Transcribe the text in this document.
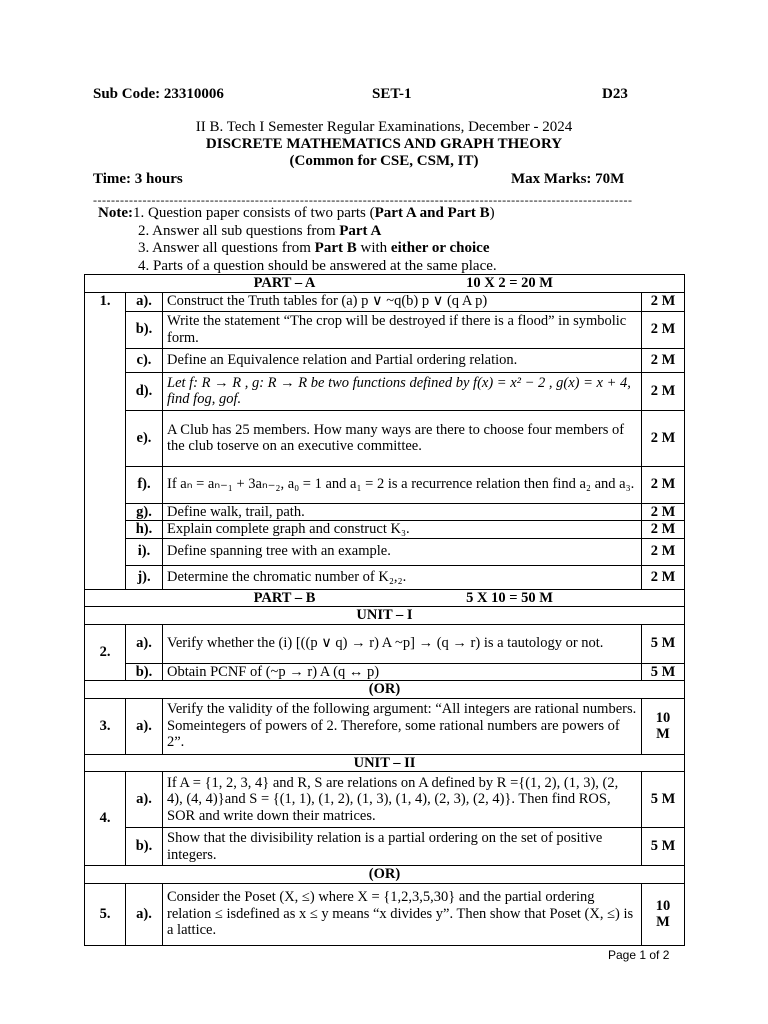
Sub Code: 23310006	SET-1	D23
II B. Tech I Semester Regular Examinations, December - 2024
DISCRETE MATHEMATICS AND GRAPH THEORY
(Common for CSE, CSM, IT)
Time: 3 hours	Max Marks: 70M
------------------------------------------------------------------------------------------------------------------------
Note:1. Question paper consists of two parts (Part A and Part B)
2. Answer all sub questions from Part A
3. Answer all questions from Part B with either or choice
4. Parts of a question should be answered at the same place.
PART – A 10 X 2 = 20 M			
1.	a).	Construct the Truth tables for (a) p ∨ ~q(b) p ∨ (q A p)	2 M
	b).	Write the statement “The crop will be destroyed if there is a flood” in symbolic form.	2 M
	c).	Define an Equivalence relation and Partial ordering relation.	2 M
	d).	Let f: R → R , g: R → R be two functions defined by f(x) = x² − 2 , g(x) = x + 4, find fog, gof.	2 M
	e).	A Club has 25 members. How many ways are there to choose four members of the club toserve on an executive committee.	2 M
	f).	If aₙ = aₙ₋₁ + 3aₙ₋₂, a₀ = 1 and a₁ = 2 is a recurrence relation then find a₂ and a₃.	2 M
	g).	Define walk, trail, path.	2 M
	h).	Explain complete graph and construct K₃.	2 M
	i).	Define spanning tree with an example.	2 M
	j).	Determine the chromatic number of K₂,₂.	2 M
PART – B 5 X 10 = 50 M			
UNIT – I			
2.	a).	Verify whether the (i) [((p ∨ q) → r) A ~p] → (q → r) is a tautology or not.	5 M
	b).	Obtain PCNF of (~p → r) A (q ↔ p)	5 M
(OR)			
3.	a).	Verify the validity of the following argument: “All integers are rational numbers. Someintegers of powers of 2. Therefore, some rational numbers are powers of 2”.	10
M

UNIT – II			
4.	a).	If A = {1, 2, 3, 4} and R, S are relations on A defined by R ={(1, 2), (1, 3), (2, 4), (4, 4)}and S = {(1, 1), (1, 2), (1, 3), (1, 4), (2, 3), (2, 4)}. Then find ROS, SOR and write down their matrices.	5 M
	b).	Show that the divisibility relation is a partial ordering on the set of positive integers.	5 M
(OR)			
5.	a).	Consider the Poset (X, ≤) where X = {1,2,3,5,30} and the partial ordering relation ≤ isdefined as x ≤ y means “x divides y”. Then show that Poset (X, ≤) is a lattice.	10
M
Page 1 of 2
